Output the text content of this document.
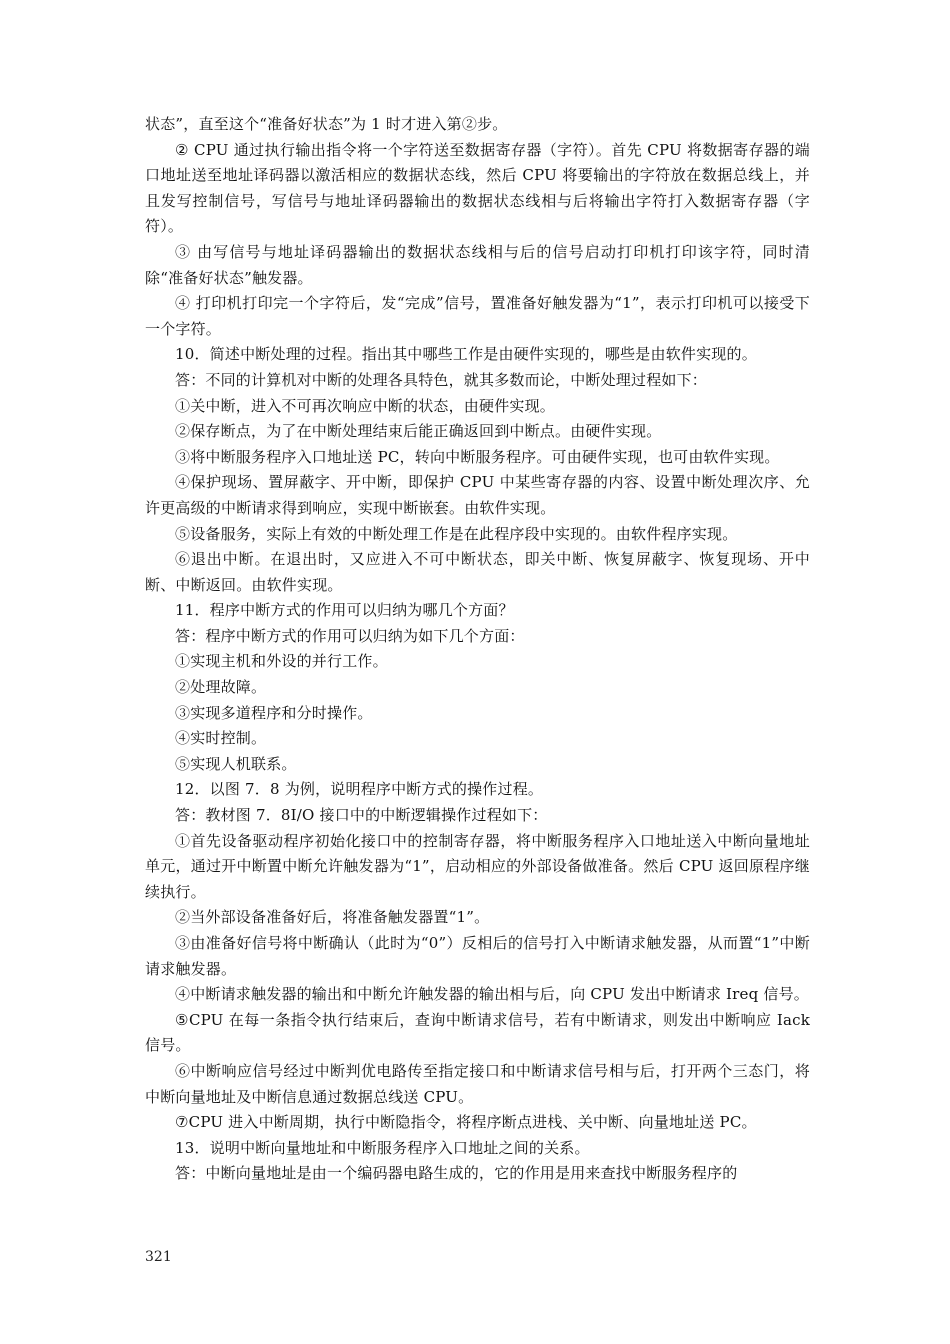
状态”，直至这个“准备好状态”为 1 时才进入第②步。

② CPU 通过执行输出指令将一个字符送至数据寄存器（字符）。首先 CPU 将数据寄存器的端口地址送至地址译码器以激活相应的数据状态线，然后 CPU 将要输出的字符放在数据总线上，并且发写控制信号，写信号与地址译码器输出的数据状态线相与后将输出字符打入数据寄存器（字符）。

③ 由写信号与地址译码器输出的数据状态线相与后的信号启动打印机打印该字符，同时清除“准备好状态”触发器。

④ 打印机打印完一个字符后，发“完成”信号，置准备好触发器为“1”，表示打印机可以接受下一个字符。

10．简述中断处理的过程。指出其中哪些工作是由硬件实现的，哪些是由软件实现的。

答：不同的计算机对中断的处理各具特色，就其多数而论，中断处理过程如下：

①关中断，进入不可再次响应中断的状态，由硬件实现。

②保存断点，为了在中断处理结束后能正确返回到中断点。由硬件实现。

③将中断服务程序入口地址送 PC，转向中断服务程序。可由硬件实现，也可由软件实现。

④保护现场、置屏蔽字、开中断，即保护 CPU 中某些寄存器的内容、设置中断处理次序、允许更高级的中断请求得到响应，实现中断嵌套。由软件实现。

⑤设备服务，实际上有效的中断处理工作是在此程序段中实现的。由软件程序实现。

⑥退出中断。在退出时，又应进入不可中断状态，即关中断、恢复屏蔽字、恢复现场、开中断、中断返回。由软件实现。

11．程序中断方式的作用可以归纳为哪几个方面？

答：程序中断方式的作用可以归纳为如下几个方面：

①实现主机和外设的并行工作。

②处理故障。

③实现多道程序和分时操作。

④实时控制。

⑤实现人机联系。

12．以图 7．8 为例，说明程序中断方式的操作过程。

答：教材图 7．8I/O 接口中的中断逻辑操作过程如下：

①首先设备驱动程序初始化接口中的控制寄存器，将中断服务程序入口地址送入中断向量地址单元，通过开中断置中断允许触发器为“1”，启动相应的外部设备做准备。然后 CPU 返回原程序继续执行。

②当外部设备准备好后，将准备触发器置“1”。

③由准备好信号将中断确认（此时为“0”）反相后的信号打入中断请求触发器，从而置“1”中断请求触发器。

④中断请求触发器的输出和中断允许触发器的输出相与后，向 CPU 发出中断请求 Ireq 信号。

⑤CPU 在每一条指令执行结束后，查询中断请求信号，若有中断请求，则发出中断响应 Iack 信号。

⑥中断响应信号经过中断判优电路传至指定接口和中断请求信号相与后，打开两个三态门，将中断向量地址及中断信息通过数据总线送 CPU。

⑦CPU 进入中断周期，执行中断隐指令，将程序断点进栈、关中断、向量地址送 PC。

13．说明中断向量地址和中断服务程序入口地址之间的关系。

答：中断向量地址是由一个编码器电路生成的，它的作用是用来查找中断服务程序的

321
